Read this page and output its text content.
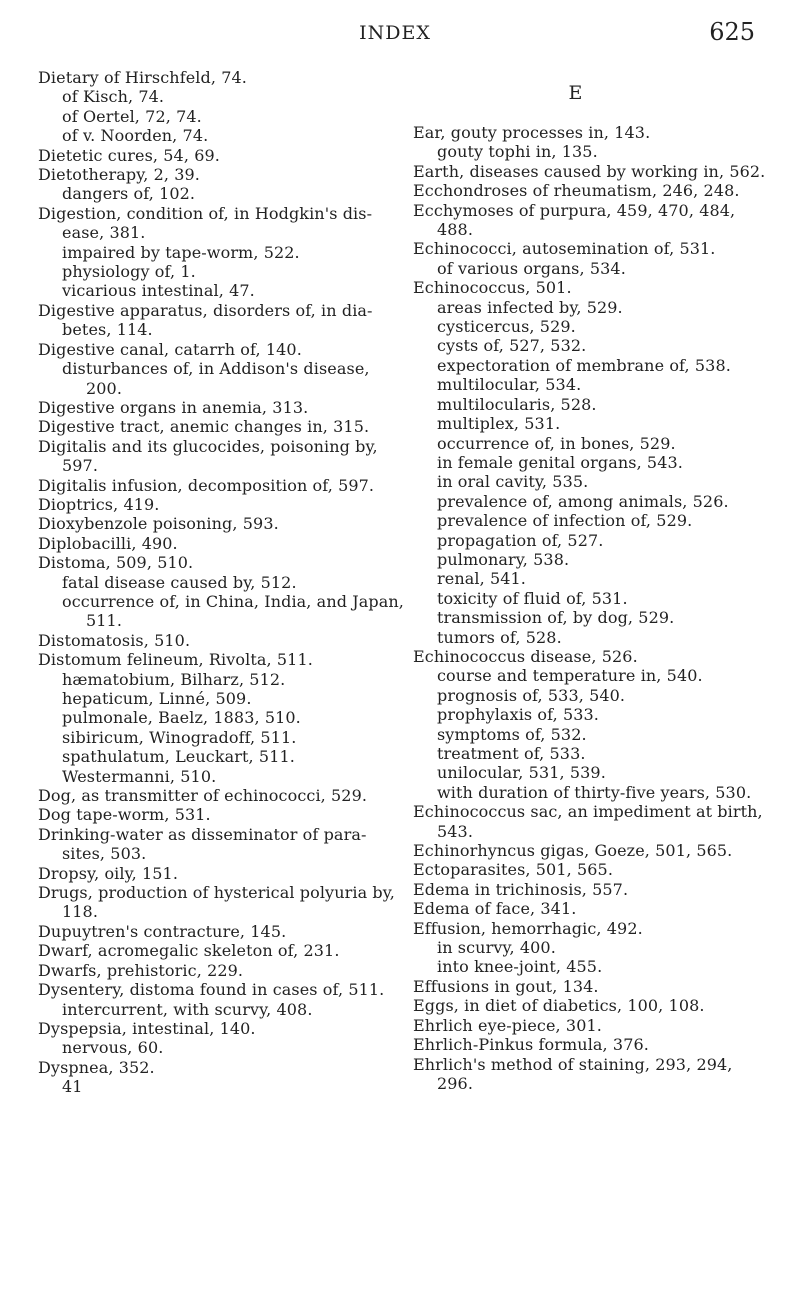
INDEX	625
Dietary of Hirschfeld, 74.
of Kisch, 74.
of Oertel, 72, 74.
of v. Noorden, 74.
Dietetic cures, 54, 69.
Dietotherapy, 2, 39.
dangers of, 102.
Digestion, condition of, in Hodgkin's dis-
ease, 381.
impaired by tape-worm, 522.
physiology of, 1.
vicarious intestinal, 47.
Digestive apparatus, disorders of, in dia-
betes, 114.
Digestive canal, catarrh of, 140.
disturbances of, in Addison's disease,
200.
Digestive organs in anemia, 313.
Digestive tract, anemic changes in, 315.
Digitalis and its glucocides, poisoning by,
597.
Digitalis infusion, decomposition of, 597.
Dioptrics, 419.
Dioxybenzole poisoning, 593.
Diplobacilli, 490.
Distoma, 509, 510.
fatal disease caused by, 512.
occurrence of, in China, India, and Japan,
511.
Distomatosis, 510.
Distomum felineum, Rivolta, 511.
hæmatobium, Bilharz, 512.
hepaticum, Linné, 509.
pulmonale, Baelz, 1883, 510.
sibiricum, Winogradoff, 511.
spathulatum, Leuckart, 511.
Westermanni, 510.
Dog, as transmitter of echinococci, 529.
Dog tape-worm, 531.
Drinking-water as disseminator of para-
sites, 503.
Dropsy, oily, 151.
Drugs, production of hysterical polyuria by,
118.
Dupuytren's contracture, 145.
Dwarf, acromegalic skeleton of, 231.
Dwarfs, prehistoric, 229.
Dysentery, distoma found in cases of, 511.
intercurrent, with scurvy, 408.
Dyspepsia, intestinal, 140.
nervous, 60.
Dyspnea, 352.
41
E
Ear, gouty processes in, 143.
gouty tophi in, 135.
Earth, diseases caused by working in, 562.
Ecchondroses of rheumatism, 246, 248.
Ecchymoses of purpura, 459, 470, 484,
488.
Echinococci, autosemination of, 531.
of various organs, 534.
Echinococcus, 501.
areas infected by, 529.
cysticercus, 529.
cysts of, 527, 532.
expectoration of membrane of, 538.
multilocular, 534.
multilocularis, 528.
multiplex, 531.
occurrence of, in bones, 529.
in female genital organs, 543.
in oral cavity, 535.
prevalence of, among animals, 526.
prevalence of infection of, 529.
propagation of, 527.
pulmonary, 538.
renal, 541.
toxicity of fluid of, 531.
transmission of, by dog, 529.
tumors of, 528.
Echinococcus disease, 526.
course and temperature in, 540.
prognosis of, 533, 540.
prophylaxis of, 533.
symptoms of, 532.
treatment of, 533.
unilocular, 531, 539.
with duration of thirty-five years, 530.
Echinococcus sac, an impediment at birth,
543.
Echinorhyncus gigas, Goeze, 501, 565.
Ectoparasites, 501, 565.
Edema in trichinosis, 557.
Edema of face, 341.
Effusion, hemorrhagic, 492.
in scurvy, 400.
into knee-joint, 455.
Effusions in gout, 134.
Eggs, in diet of diabetics, 100, 108.
Ehrlich eye-piece, 301.
Ehrlich-Pinkus formula, 376.
Ehrlich's method of staining, 293, 294,
296.
